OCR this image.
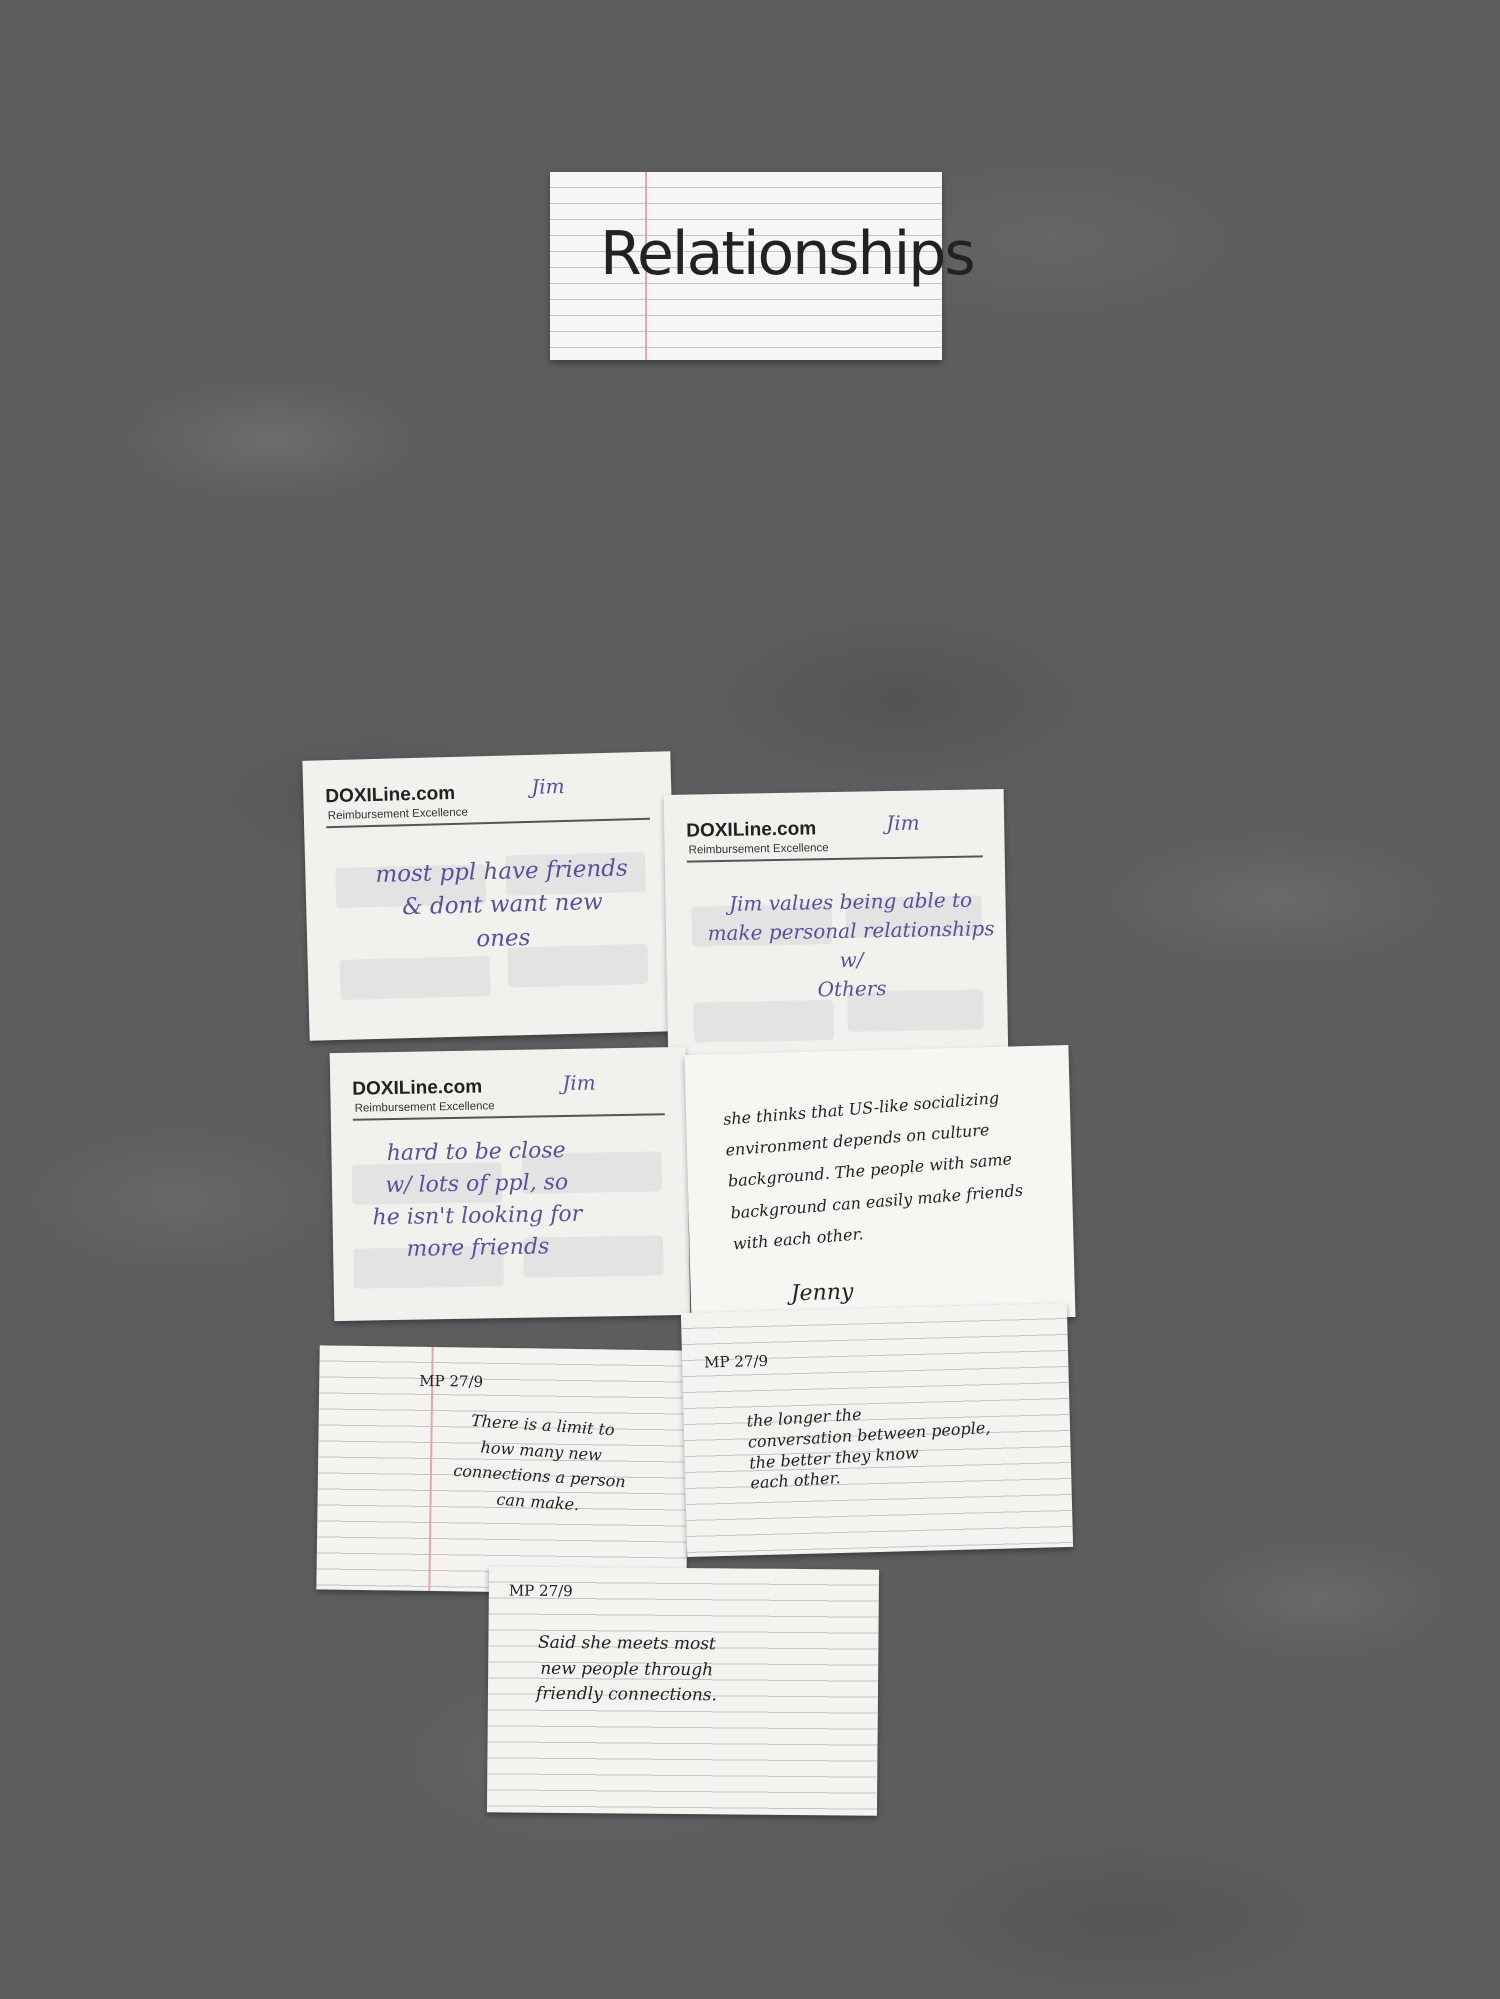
Relationships
DOXILine.com
Reimbursement Excellence
Jim
most ppl have friends
& dont want new
ones
DOXILine.com
Reimbursement Excellence
Jim
Jim values being able to
make personal relationships w/
Others
DOXILine.com
Reimbursement Excellence
Jim
hard to be close
w/ lots of ppl, so
he isn't looking for
more friends
she thinks that US-like socializing
environment depends on culture
background. The people with same
background can easily make friends
with each other.
Jenny
MP 27/9
There is a limit to
how many new
connections a person
can make.
MP 27/9
the longer the
conversation between people,
the better they know
each other.
MP 27/9
Said she meets most
new people through
friendly connections.
